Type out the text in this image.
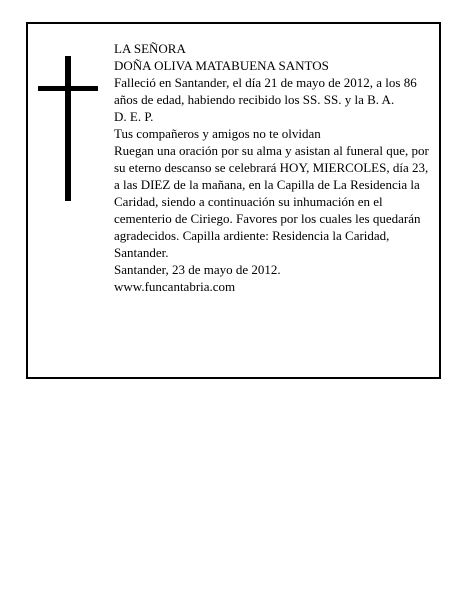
LA SEÑORA

DOÑA OLIVA MATABUENA SANTOS

Falleció en Santander, el día 21 de mayo de 2012, a los 86 años de edad, habiendo recibido los SS. SS. y la B. A.

D. E. P.

Tus compañeros y amigos no te olvidan

Ruegan una oración por su alma y asistan al funeral que, por su eterno descanso se celebrará HOY, MIERCOLES, día 23, a las DIEZ de la mañana, en la Capilla de La Residencia la Caridad, siendo a continuación su inhumación en el cementerio de Ciriego. Favores por los cuales les quedarán agradecidos. Capilla ardiente: Residencia la Caridad, Santander.

Santander, 23 de mayo de 2012.

www.funcantabria.com
